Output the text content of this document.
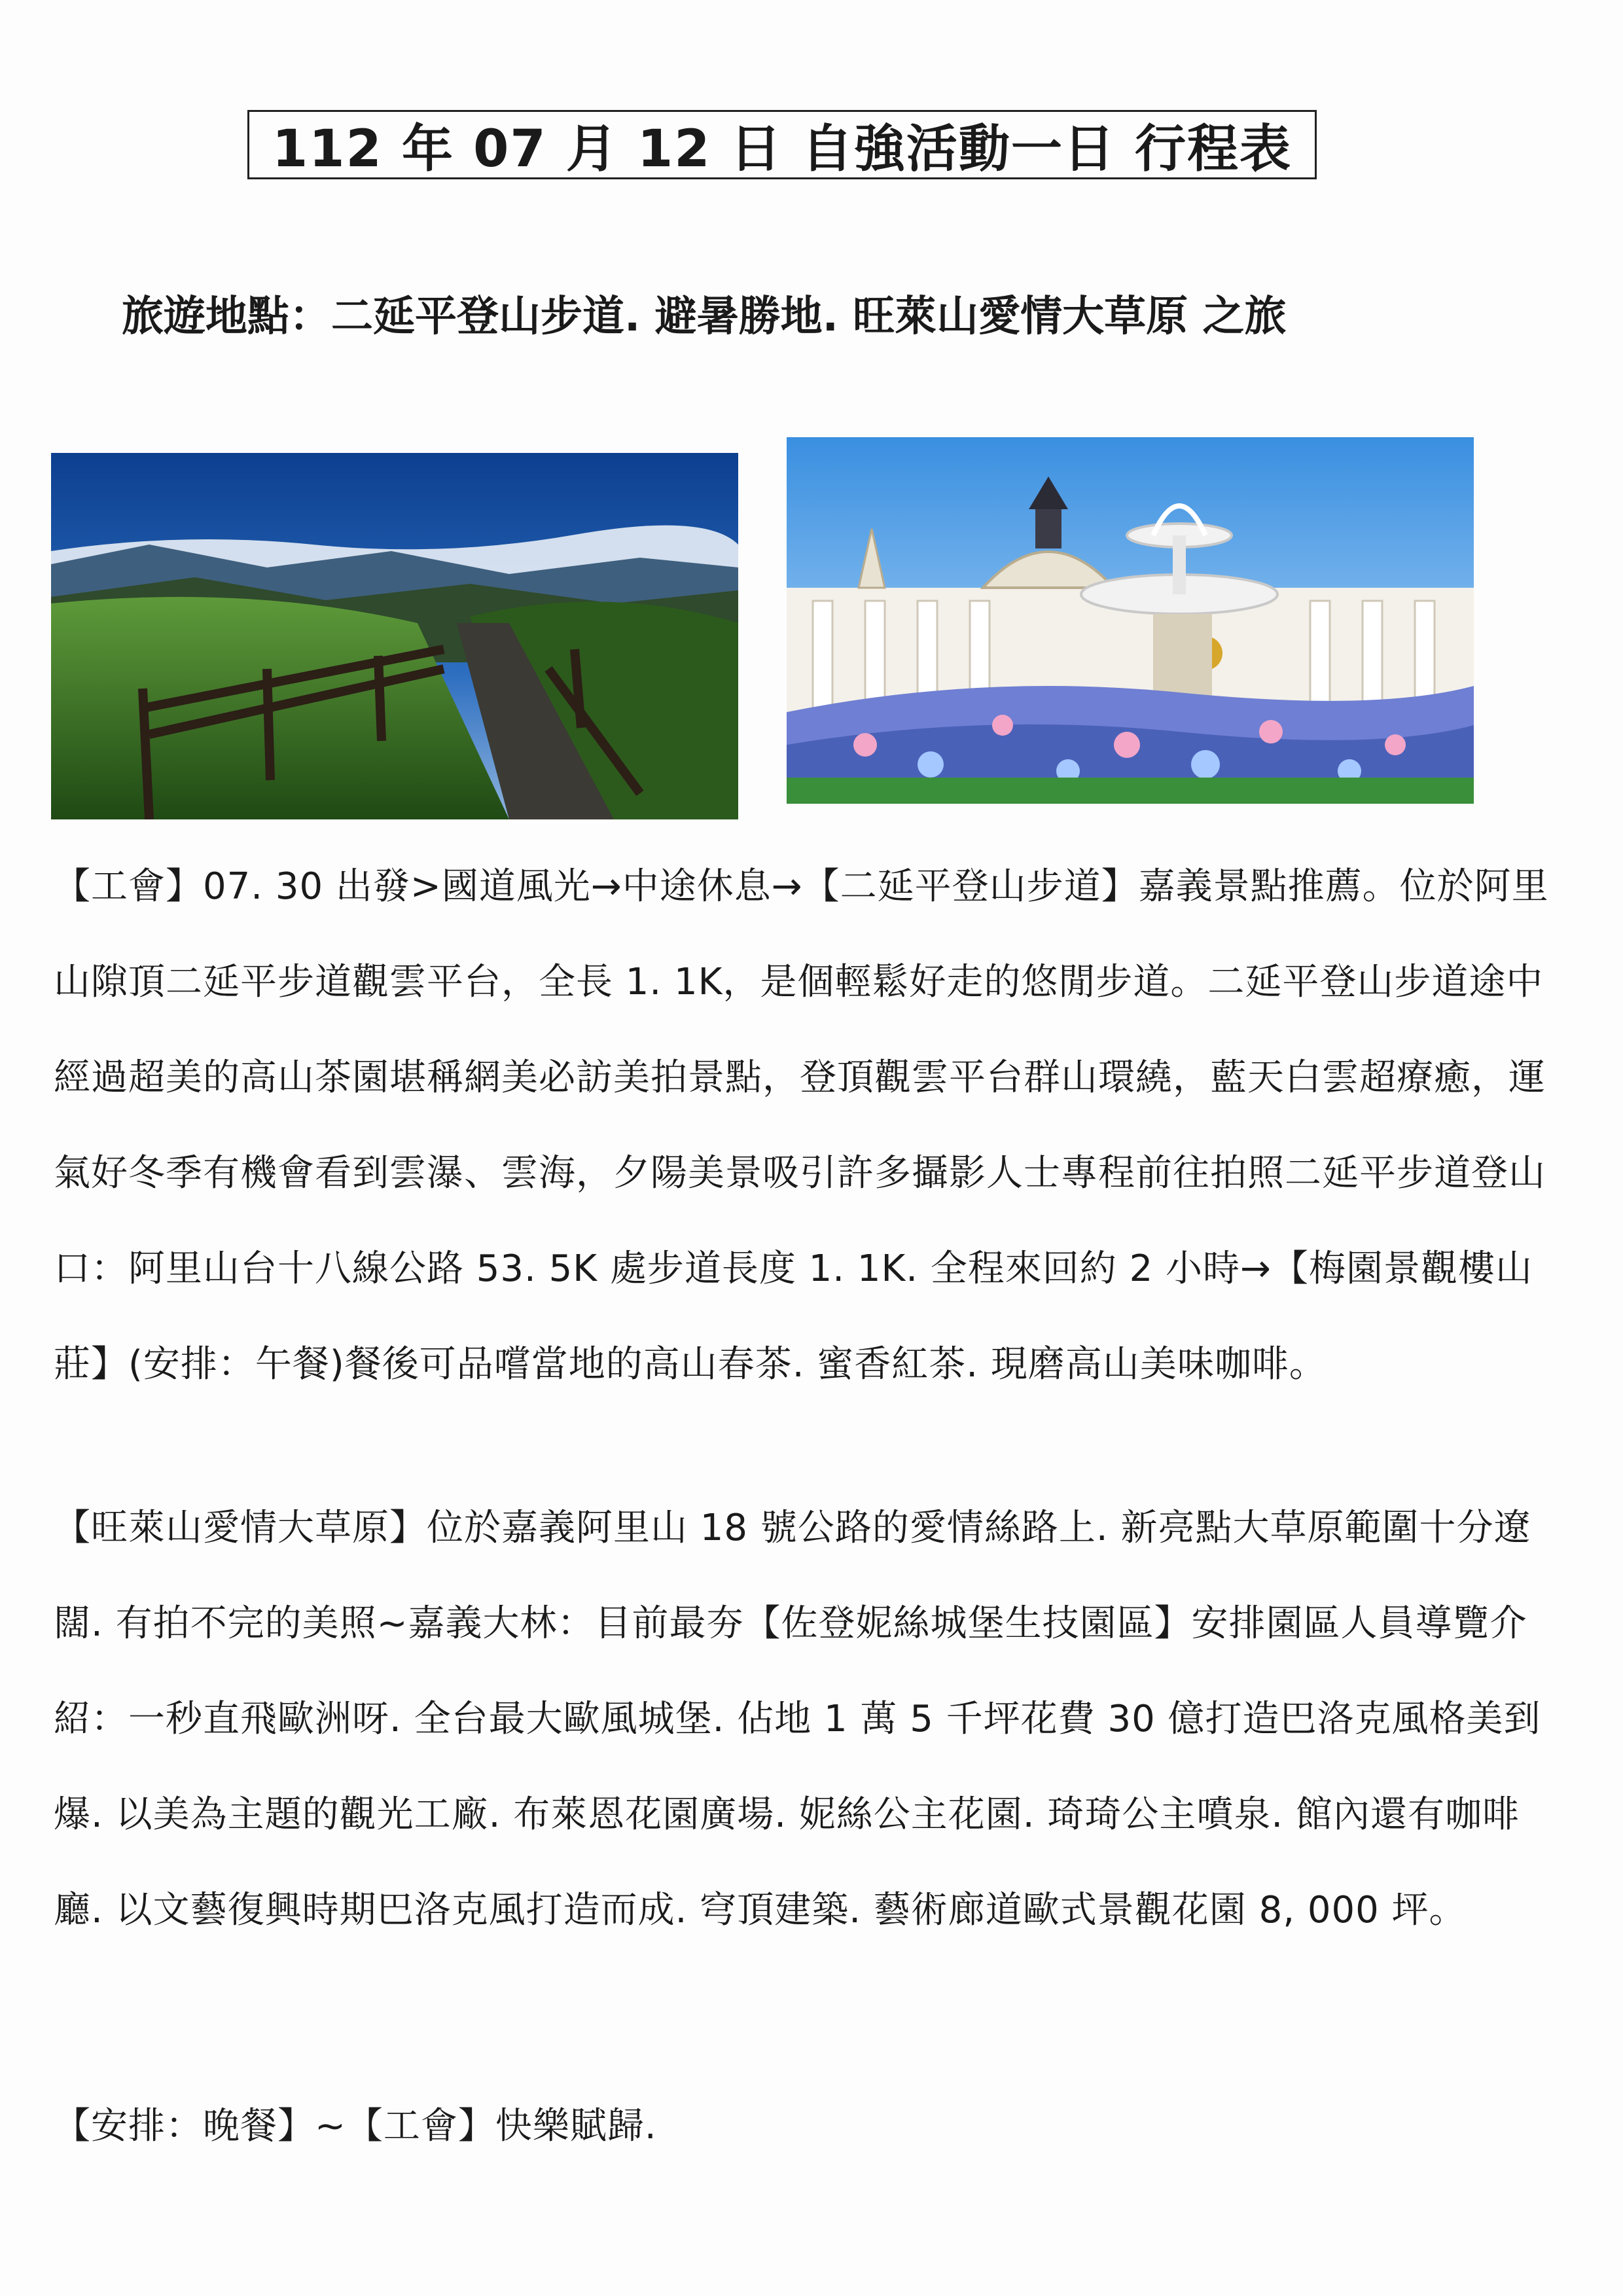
112 年 07 月 12 日 自強活動一日 行程表
旅遊地點：二延平登山步道. 避暑勝地. 旺萊山愛情大草原 之旅

【工會】07. 30 出發>國道風光→中途休息→【二延平登山步道】嘉義景點推薦。位於阿里山隙頂二延平步道觀雲平台，全長 1. 1K，是個輕鬆好走的悠閒步道。二延平登山步道途中經過超美的高山茶園堪稱網美必訪美拍景點，登頂觀雲平台群山環繞，藍天白雲超療癒，運氣好冬季有機會看到雲瀑、雲海，夕陽美景吸引許多攝影人士專程前往拍照二延平步道登山口：阿里山台十八線公路 53. 5K 處步道長度 1. 1K. 全程來回約 2 小時→【梅園景觀樓山莊】(安排：午餐)餐後可品嚐當地的高山春茶. 蜜香紅茶. 現磨高山美味咖啡。

【旺萊山愛情大草原】位於嘉義阿里山 18 號公路的愛情絲路上. 新亮點大草原範圍十分遼闊. 有拍不完的美照~嘉義大林：目前最夯【佐登妮絲城堡生技園區】安排園區人員導覽介紹：一秒直飛歐洲呀. 全台最大歐風城堡. 佔地 1 萬 5 千坪花費 30 億打造巴洛克風格美到爆. 以美為主題的觀光工廠. 布萊恩花園廣場. 妮絲公主花園. 琦琦公主噴泉. 館內還有咖啡廳. 以文藝復興時期巴洛克風打造而成. 穹頂建築. 藝術廊道歐式景觀花園 8, 000 坪。

【安排：晚餐】~【工會】快樂賦歸.
